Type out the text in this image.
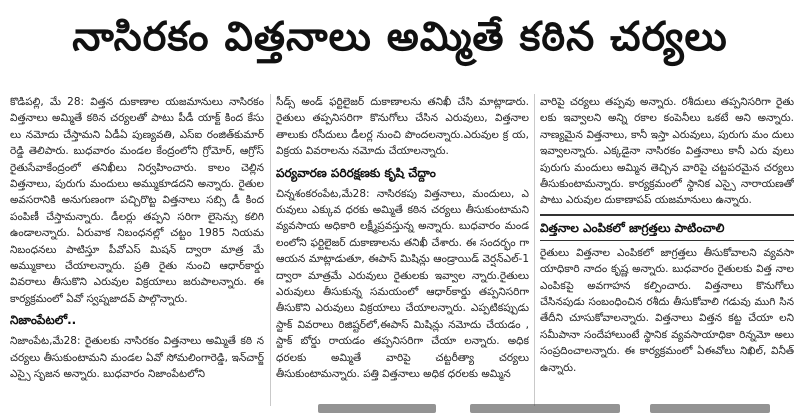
నాసిరకం విత్తనాలు అమ్మితే కఠిన చర్యలు

కొడిపల్లి, మే 28: విత్తన దుకాణాల యజమానులు నాసిరకం విత్తనాలు అమ్మితే కఠిన చర్యలతో పాటు పీడీ యాక్ట్ కింద కేసు లు నమోదు చేస్తామని ఏడీఏ పుణ్యవతి, ఎస్ఐ రంజిత్‌కుమార్ రెడ్డి తెలిపారు. బుధవారం మండల కేంద్రంలోని గ్రోమోర్, ఆగ్రోస్ రైతుసేవాకేంద్రంలో తనిఖీలు నిర్వహించారు. కాలం చెల్లిన విత్తనాలు, పురుగు మందులు అమ్ముకూడదని అన్నారు. రైతుల అవసరానికి అనుగుణంగా పచ్చిరొట్ట విత్తనాలు సబ్సి డీ కింద పంపిణీ చేస్తామన్నారు. డీలర్లు తప్పని సరిగా లైసెన్సు కలిగి ఉండాలన్నారు. ఏరువాక నిబంధనల్లో చట్టం 1985 నియమ నిబంధనలు పాటిస్తూ పీవోఎస్ మిషన్ ద్వారా మాత్ర మే అమ్ముకాలు చేయాలన్నారు. ప్రతి రైతు నుంచి ఆధార్‌కార్డు వివరాలు తీసుకొని ఎరువుల విక్రయాలు జరుపాలన్నారు. ఈ కార్యక్రమంలో ఏవో స్వప్నజాదవ్ పాల్గొన్నారు.

నిజాంపేటలో..

నిజాంపేట,మే28: రైతులకు నాసిరకం విత్తనాలు అమ్మితే కఠి న చర్యలు తీసుకుంటామని మండల ఏవో సోమలింగారెడ్డి, ఇన్‌చార్జ్ ఎస్సై సృజన అన్నారు. బుధవారం నిజాంపేటలోని

సీడ్స్ అండ్ ఫర్టిలైజర్ దుకాణాలను తనిఖీ చేసి మాట్లాడారు. రైతులు తప్పనిసరిగా కొనుగోలు చేసిన ఎరువులు, విత్తనాల తాలుకు రసీదులు డీలర్ల నుంచి పొందలన్నారు.ఎరువుల క్ర య, విక్రయ వివరాలను నమోదు చేయాలన్నారు.

పర్యవారణ పరిరక్షణకు కృషి చేద్దాం

చిన్నశంకరంపేట,మే28: నాసిరకపు విత్తనాలు, మందులు, ఎ రువులు ఎక్కువ ధరకు అమ్మితే కఠిన చర్యలు తీసుకుంటామని వ్యవసాయ అధికారి లక్ష్మీప్రవస్తున్న అన్నారు. బుధవారం మండ లంలోని ఫర్టిలైజర్ దుకాణాలను తనిఖీ చేశారు. ఈ సందర్భం గా ఆయన మాట్లాడుతూ, ఈపాస్ మిషిన్లు ఆండ్రాయిడ్ వెర్షన్‌ఎల్-1 ద్వారా మాత్రమే ఎరువులు రైతులకు ఇవ్వాల న్నారు.రైతులు ఎరువులు తీసుకున్న సమయంలో ఆధార్‌కార్డు తప్పనిసరిగా తీసుకొని ఎరువులు విక్రయాలు చేయాలన్నారు. ఎప్పటికప్పుడు స్టాక్ వివరాలు రిజిష్టర్‌లో,ఈపాస్ మిషిన్లు నమోదు చేయడం , స్టాక్ బోర్డు రాయడం తప్పనిసరిగా చేయా లన్నారు. అధిక ధరలకు అమ్మితే వారిపై చట్టరీత్యా చర్యలు తీసుకుంటామన్నారు. పత్తి విత్తనాలు అధిక ధరలకు అమ్మిన

వారిపై చర్యలు తప్పవు అన్నారు. రశీదులు తప్పనిసరిగా రైతు లకు ఇవ్వాలని అన్ని రకాల కంపెనీలు ఒకటే అని అన్నారు. నాణ్యమైన విత్తనాలు, కానీ ఇస్తా ఎరువులు, పురుగు మం దులు ఇవ్వాలన్నారు. ఎక్కడైనా నాసిరకం విత్తనాలు కానీ ఎరు వులు పురుగు మందులు అమ్మిన తెచ్చిన వారిపై చట్టపరమైన చర్యలు తీసుకుంటామన్నారు. కార్యక్రమంలో స్థానిక ఎస్సై నారాయణతో పాటు ఎరువుల దుకాణాపప్ యజమానులు ఉన్నారు.

విత్తనాల ఎంపికలో జాగ్రత్తలు పాటించాలి

రైతులు విత్తనాల ఎంపికలో జాగ్రత్తలు తీసుకోవాలని వ్యవసా యాధికారి నాదం కృష్ణ అన్నారు. బుధవారం రైతులకు విత్త నాల ఎంపికపై అవగాహన కల్పించారు. విత్తనాలు కొనుగోలు చేసినపుడు సంబంధించిన రశీదు తీసుకోవాలి గడువు ముగి సిన తేదీని చూసుకోవాలన్నారు. విత్తనాలు విత్తన కట్ట చేయా లని సమీపానా సందేహాలుంటే స్థానిక వ్యవసాయాధికా రిన్నమో అలు సంప్రదించాలన్నారు. ఈ కార్యక్రమంలో ఏఈవోలు నిఖిల్, వినీత్ ఉన్నారు.
